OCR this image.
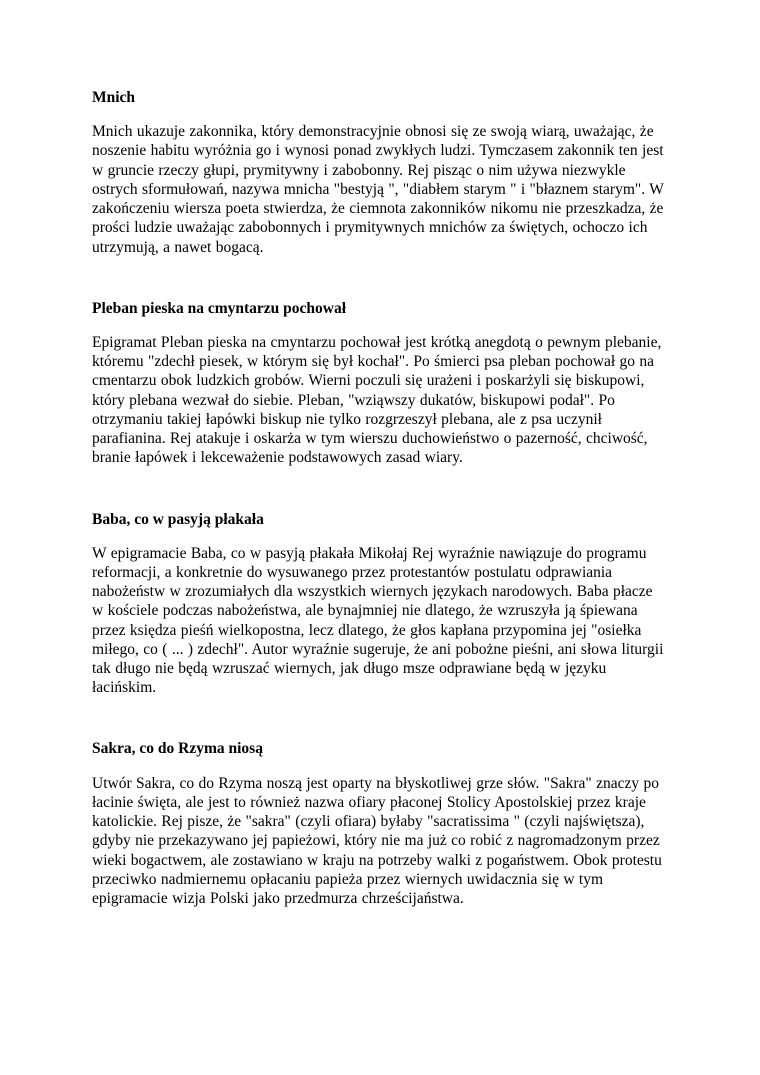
Mnich

Mnich ukazuje zakonnika, który demonstracyjnie obnosi się ze swoją wiarą, uważając, że noszenie habitu wyróżnia go i wynosi ponad zwykłych ludzi. Tymczasem zakonnik ten jest w gruncie rzeczy głupi, prymitywny i zabobonny. Rej pisząc o nim używa niezwykle ostrych sformułowań, nazywa mnicha "bestyją ", "diabłem starym " i "błaznem starym". W zakończeniu wiersza poeta stwierdza, że ciemnota zakonników nikomu nie przeszkadza, że prości ludzie uważając zabobonnych i prymitywnych mnichów za świętych, ochoczo ich utrzymują, a nawet bogacą.

Pleban pieska na cmyntarzu pochował

Epigramat Pleban pieska na cmyntarzu pochował jest krótką anegdotą o pewnym plebanie, któremu "zdechł piesek, w którym się był kochał". Po śmierci psa pleban pochował go na cmentarzu obok ludzkich grobów. Wierni poczuli się urażeni i poskarżyli się biskupowi, który plebana wezwał do siebie. Pleban, "wziąwszy dukatów, biskupowi podał". Po otrzymaniu takiej łapówki biskup nie tylko rozgrzeszył plebana, ale z psa uczynił parafianina. Rej atakuje i oskarża w tym wierszu duchowieństwo o pazerność, chciwość, branie łapówek i lekceważenie podstawowych zasad wiary.

Baba, co w pasyją płakała

W epigramacie Baba, co w pasyją płakała Mikołaj Rej wyraźnie nawiązuje do programu reformacji, a konkretnie do wysuwanego przez protestantów postulatu odprawiania nabożeństw w zrozumiałych dla wszystkich wiernych językach narodowych. Baba płacze w kościele podczas nabożeństwa, ale bynajmniej nie dlatego, że wzruszyła ją śpiewana przez księdza pieśń wielkopostna, lecz dlatego, że głos kapłana przypomina jej "osiełka miłego, co ( ... ) zdechł". Autor wyraźnie sugeruje, że ani pobożne pieśni, ani słowa liturgii tak długo nie będą wzruszać wiernych, jak długo msze odprawiane będą w języku łacińskim.

Sakra, co do Rzyma niosą

Utwór Sakra, co do Rzyma noszą jest oparty na błyskotliwej grze słów. "Sakra" znaczy po łacinie święta, ale jest to również nazwa ofiary płaconej Stolicy Apostolskiej przez kraje katolickie. Rej pisze, że "sakra" (czyli ofiara) byłaby "sacratissima " (czyli najświętsza), gdyby nie przekazywano jej papieżowi, który nie ma już co robić z nagromadzonym przez wieki bogactwem, ale zostawiano w kraju na potrzeby walki z pogaństwem. Obok protestu przeciwko nadmiernemu opłacaniu papieża przez wiernych uwidacznia się w tym epigramacie wizja Polski jako przedmurza chrześcijaństwa.
